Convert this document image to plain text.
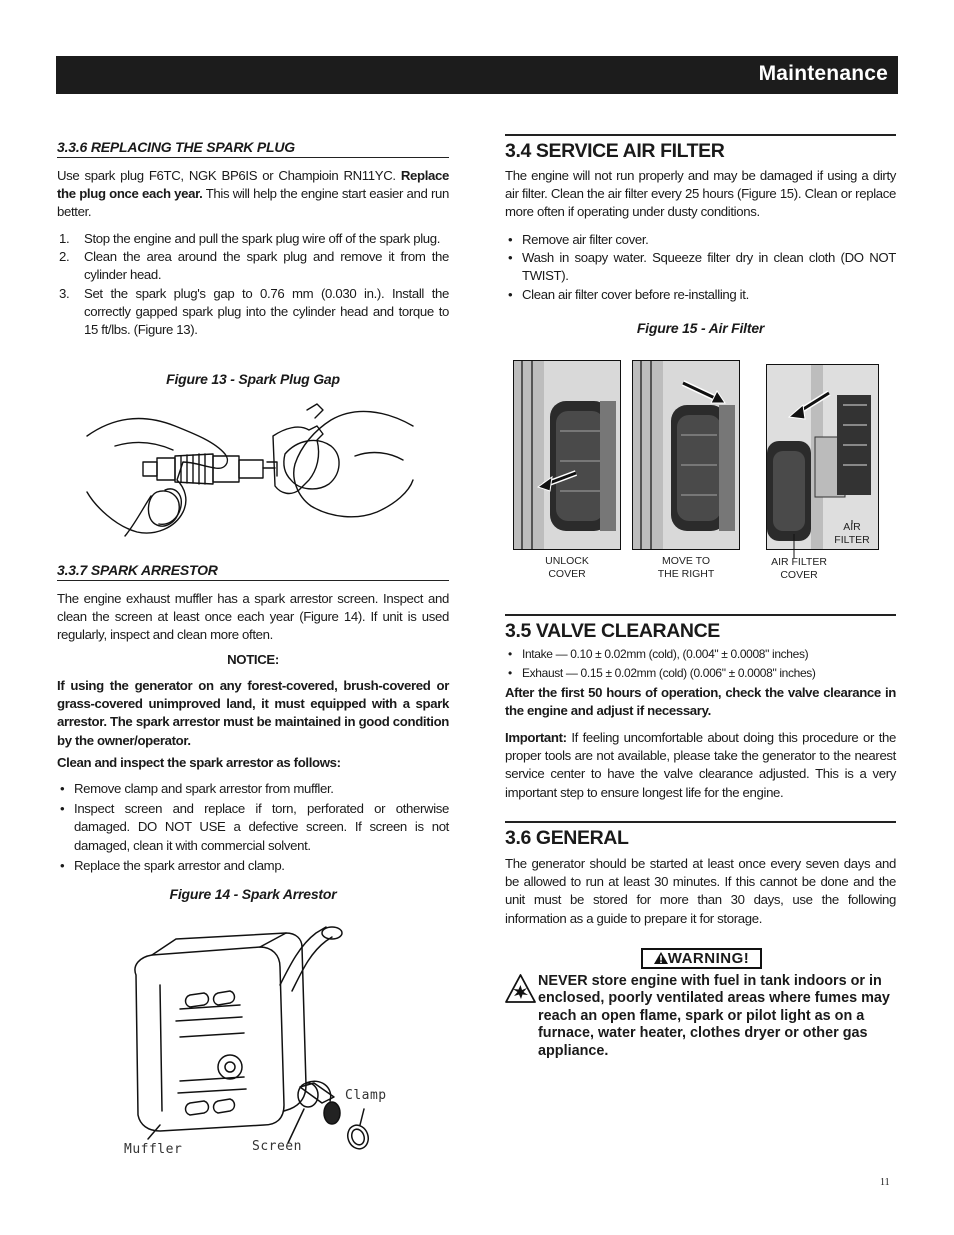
Maintenance
3.3.6 REPLACING THE SPARK PLUG
Use spark plug F6TC, NGK BP6IS or Champioin RN11YC. Replace the plug once each year. This will help the engine start easier and run better.
1. Stop the engine and pull the spark plug wire off of the spark plug.
2. Clean the area around the spark plug and remove it from the cylinder head.
3. Set the spark plug's gap to 0.76 mm (0.030 in.). Install the correctly gapped spark plug into the cylinder head and torque to 15 ft/lbs. (Figure 13).
Figure 13 - Spark Plug Gap
3.3.7 SPARK ARRESTOR
The engine exhaust muffler has a spark arrestor screen. Inspect and clean the screen at least once each year (Figure 14). If unit is used regularly, inspect and clean more often.
NOTICE:
If using the generator on any forest-covered, brush-covered or grass-covered unimproved land, it must equipped with a spark arrestor. The spark arrestor must be maintained in good condition by the owner/operator.
Clean and inspect the spark arrestor as follows:
• Remove clamp and spark arrestor from muffler.
• Inspect screen and replace if torn, perforated or otherwise damaged. DO NOT USE a defective screen. If screen is not damaged, clean it with commercial solvent.
• Replace the spark arrestor and clamp.
Figure 14 - Spark Arrestor
Muffler	Screen
Clamp
3.4 SERVICE AIR FILTER
The engine will not run properly and may be damaged if using a dirty air filter. Clean the air filter every 25 hours (Figure 15). Clean or replace more often if operating under dusty conditions.
• Remove air filter cover.
• Wash in soapy water. Squeeze filter dry in clean cloth (DO NOT TWIST).
• Clean air filter cover before re-installing it.
Figure 15 - Air Filter
UNLOCK
COVER
MOVE TO
THE RIGHT
AIR FILTER
COVER
AIR
FILTER
3.5 VALVE CLEARANCE
• Intake — 0.10 ± 0.02mm (cold), (0.004" ± 0.0008" inches)
• Exhaust — 0.15 ± 0.02mm (cold) (0.006" ± 0.0008" inches)
After the first 50 hours of operation, check the valve clearance in the engine and adjust if necessary.
Important: If feeling uncomfortable about doing this procedure or the proper tools are not available, please take the generator to the nearest service center to have the valve clearance adjusted. This is a very important step to ensure longest life for the engine.
3.6 GENERAL
The generator should be started at least once every seven days and be allowed to run at least 30 minutes. If this cannot be done and the unit must be stored for more than 30 days, use the following information as a guide to prepare it for storage.
WARNING!
NEVER store engine with fuel in tank indoors or in enclosed, poorly ventilated areas where fumes may reach an open flame, spark or pilot light as on a furnace, water heater, clothes dryer or other gas appliance.
11
